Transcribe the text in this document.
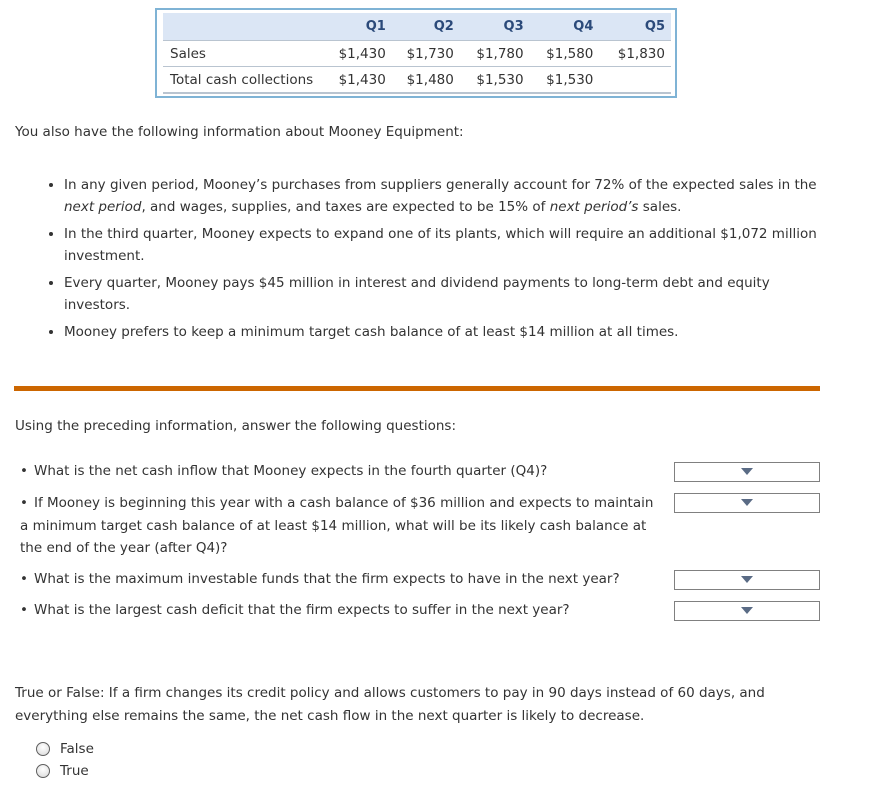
	Q1	Q2	Q3	Q4	Q5
Sales	$1,430	$1,730	$1,780	$1,580	$1,830
Total cash collections	$1,430	$1,480	$1,530	$1,530	
You also have the following information about Mooney Equipment:
• In any given period, Mooney’s purchases from suppliers generally account for 72% of the expected sales in the next period, and wages, supplies, and taxes are expected to be 15% of next period’s sales.
• In the third quarter, Mooney expects to expand one of its plants, which will require an additional $1,072 million investment.
• Every quarter, Mooney pays $45 million in interest and dividend payments to long-term debt and equity investors.
• Mooney prefers to keep a minimum target cash balance of at least $14 million at all times.
Using the preceding information, answer the following questions:
• What is the net cash inflow that Mooney expects in the fourth quarter (Q4)?
• If Mooney is beginning this year with a cash balance of $36 million and expects to maintain a minimum target cash balance of at least $14 million, what will be its likely cash balance at the end of the year (after Q4)?
• What is the maximum investable funds that the firm expects to have in the next year?
• What is the largest cash deficit that the firm expects to suffer in the next year?
True or False: If a firm changes its credit policy and allows customers to pay in 90 days instead of 60 days, and everything else remains the same, the net cash flow in the next quarter is likely to decrease.
False
True
